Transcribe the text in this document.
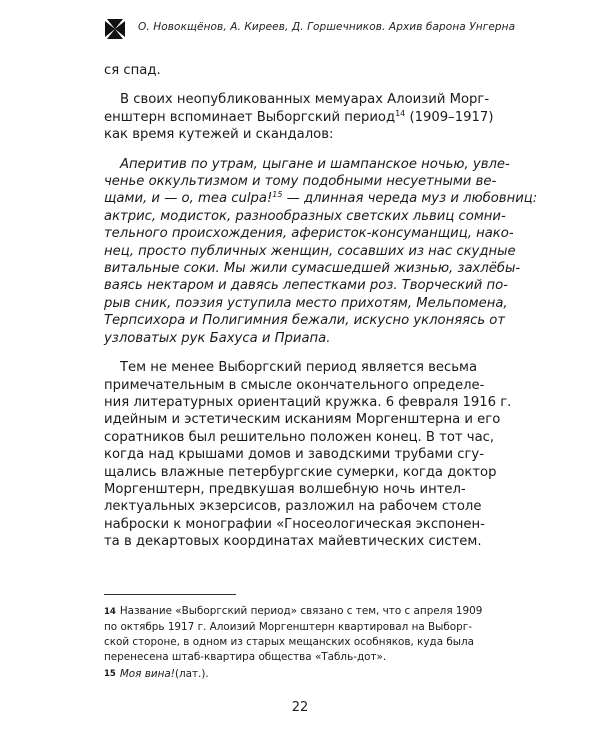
О. Новокщёнов, А. Киреев, Д. Горшечников. Архив барона Унгерна
ся спад.
В своих неопубликованных мемуарах Алоизий Морг-
енштерн вспоминает Выборгский период$^{14}$ (1909–1917)
как время кутежей и скандалов:
Аперитив по утрам, цыгане и шампанское ночью, увле-
ченье оккультизмом и тому подобными несуетными ве-
щами, и — о, mea culpa!$^{15}$ — длинная череда муз и любовниц:
актрис, модисток, разнообразных светских львиц сомни-
тельного происхождения, аферисток-консуманщиц, нако-
нец, просто публичных женщин, сосавших из нас скудные
витальные соки. Мы жили сумасшедшей жизнью, захлёбы-
ваясь нектаром и давясь лепестками роз. Творческий по-
рыв сник, поэзия уступила место прихотям, Мельпомена,
Терпсихора и Полигимния бежали, искусно уклоняясь от
узловатых рук Бахуса и Приапа.
Тем не менее Выборгский период является весьма
примечательным в смысле окончательного определе-
ния литературных ориентаций кружка. 6 февраля 1916 г.
идейным и эстетическим исканиям Моргенштерна и его
соратников был решительно положен конец. В тот час,
когда над крышами домов и заводскими трубами сгу-
щались влажные петербургские сумерки, когда доктор
Моргенштерн, предвкушая волшебную ночь интел-
лектуальных экзерсисов, разложил на рабочем столе
наброски к монографии «Гносеологическая экспонен-
та в декартовых координатах майевтических систем.
14 Название «Выборгский период» связано с тем, что с апреля 1909
по октябрь 1917 г. Алоизий Моргенштерн квартировал на Выборг-
ской стороне, в одном из старых мещанских особняков, куда была
перенесена штаб-квартира общества «Табль-дот».
15 Моя вина! (лат.).
22
